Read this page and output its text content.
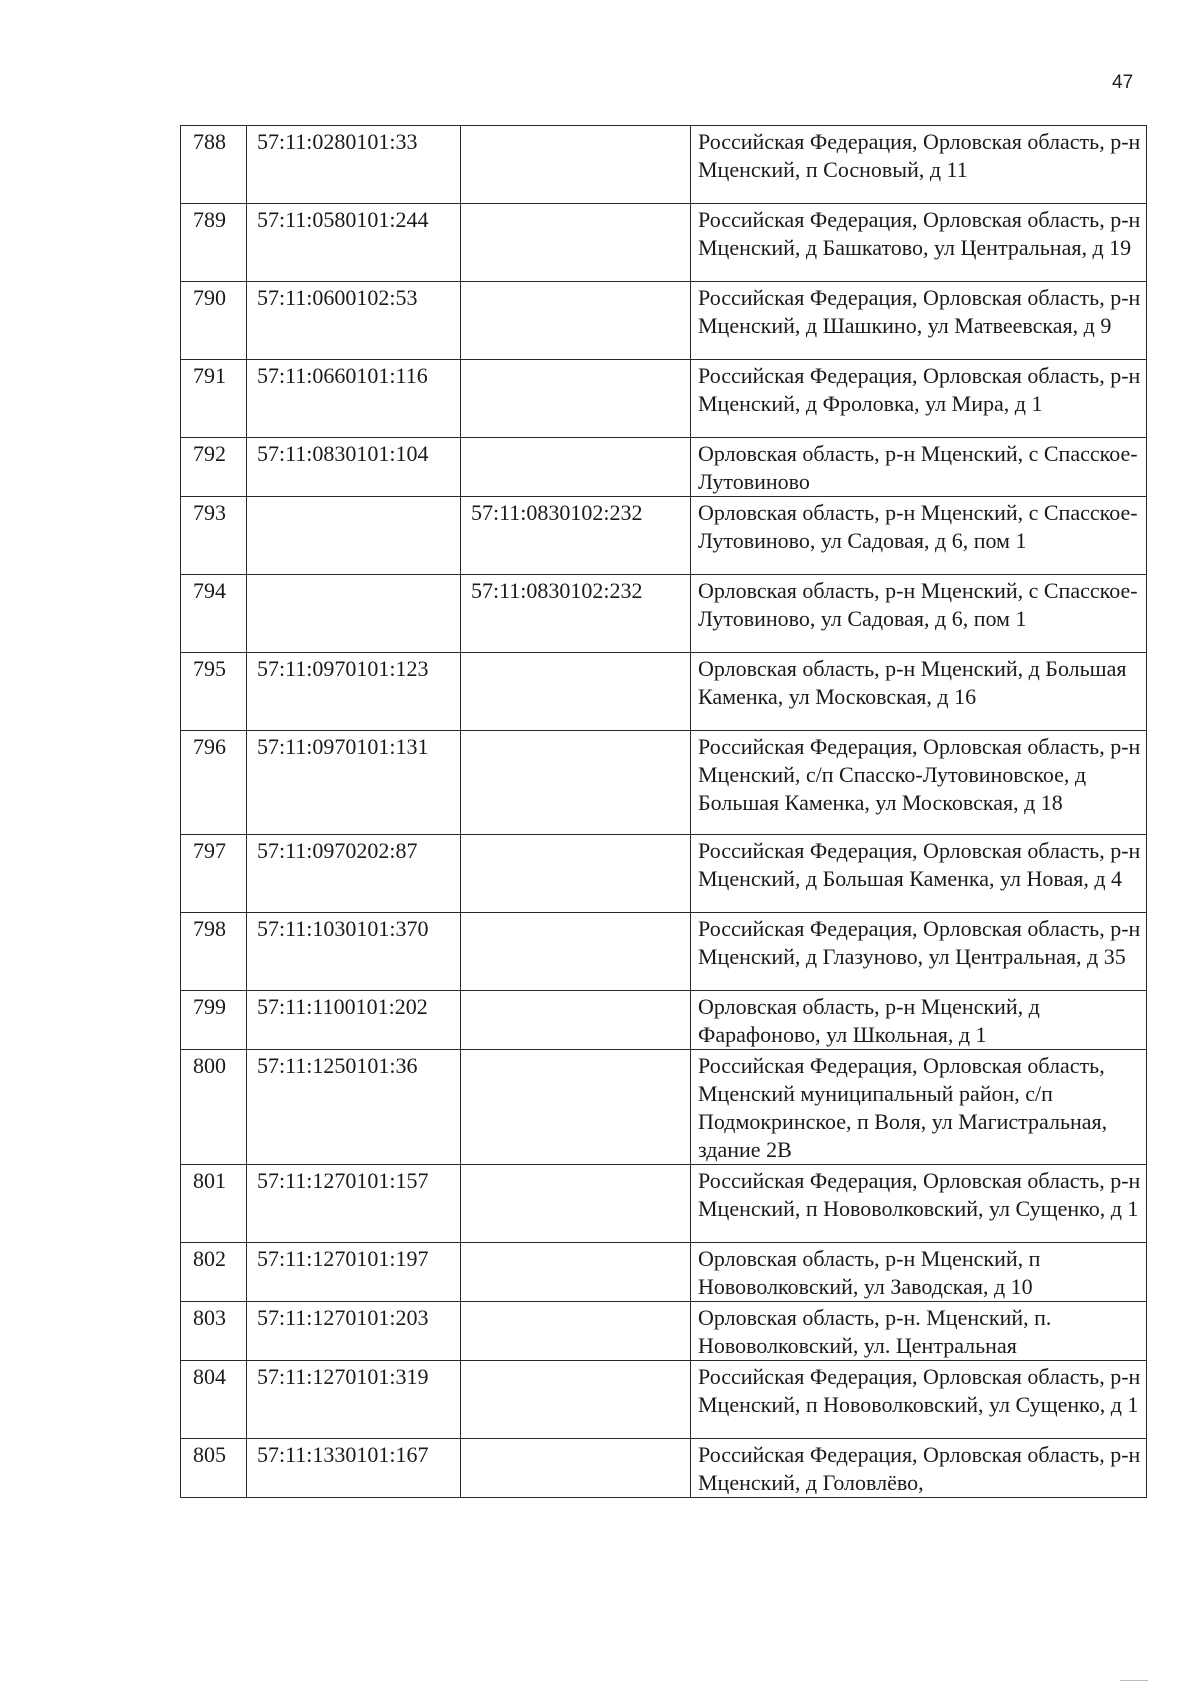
47
788	57:11:0280101:33		Российская Федерация, Орловская область, р-н Мценский, п Сосновый, д 11
789	57:11:0580101:244		Российская Федерация, Орловская область, р-н Мценский, д Башкатово, ул Центральная, д 19
790	57:11:0600102:53		Российская Федерация, Орловская область, р-н Мценский, д Шашкино, ул Матвеевская, д 9
791	57:11:0660101:116		Российская Федерация, Орловская область, р-н Мценский, д Фроловка, ул Мира, д 1
792	57:11:0830101:104		Орловская область, р-н Мценский, с Спасское-Лутовиново
793		57:11:0830102:232	Орловская область, р-н Мценский, с Спасское-Лутовиново, ул Садовая, д 6, пом 1
794		57:11:0830102:232	Орловская область, р-н Мценский, с Спасское-Лутовиново, ул Садовая, д 6, пом 1
795	57:11:0970101:123		Орловская область, р-н Мценский, д Большая Каменка, ул Московская, д 16
796	57:11:0970101:131		Российская Федерация, Орловская область, р-н Мценский, с/п Спасско-Лутовиновское, д Большая Каменка, ул Московская, д 18
797	57:11:0970202:87		Российская Федерация, Орловская область, р-н Мценский, д Большая Каменка, ул Новая, д 4
798	57:11:1030101:370		Российская Федерация, Орловская область, р-н Мценский, д Глазуново, ул Центральная, д 35
799	57:11:1100101:202		Орловская область, р-н Мценский, д Фарафоново, ул Школьная, д 1
800	57:11:1250101:36		Российская Федерация, Орловская область, Мценский муниципальный район, с/п Подмокринское, п Воля, ул Магистральная, здание 2В
801	57:11:1270101:157		Российская Федерация, Орловская область, р-н Мценский, п Нововолковский, ул Сущенко, д 1
802	57:11:1270101:197		Орловская область, р-н Мценский, п Нововолковский, ул Заводская, д 10
803	57:11:1270101:203		Орловская область, р-н. Мценский, п. Нововолковский, ул. Центральная
804	57:11:1270101:319		Российская Федерация, Орловская область, р-н Мценский, п Нововолковский, ул Сущенко, д 1
805	57:11:1330101:167		Российская Федерация, Орловская область, р-н Мценский, д Головлёво,
